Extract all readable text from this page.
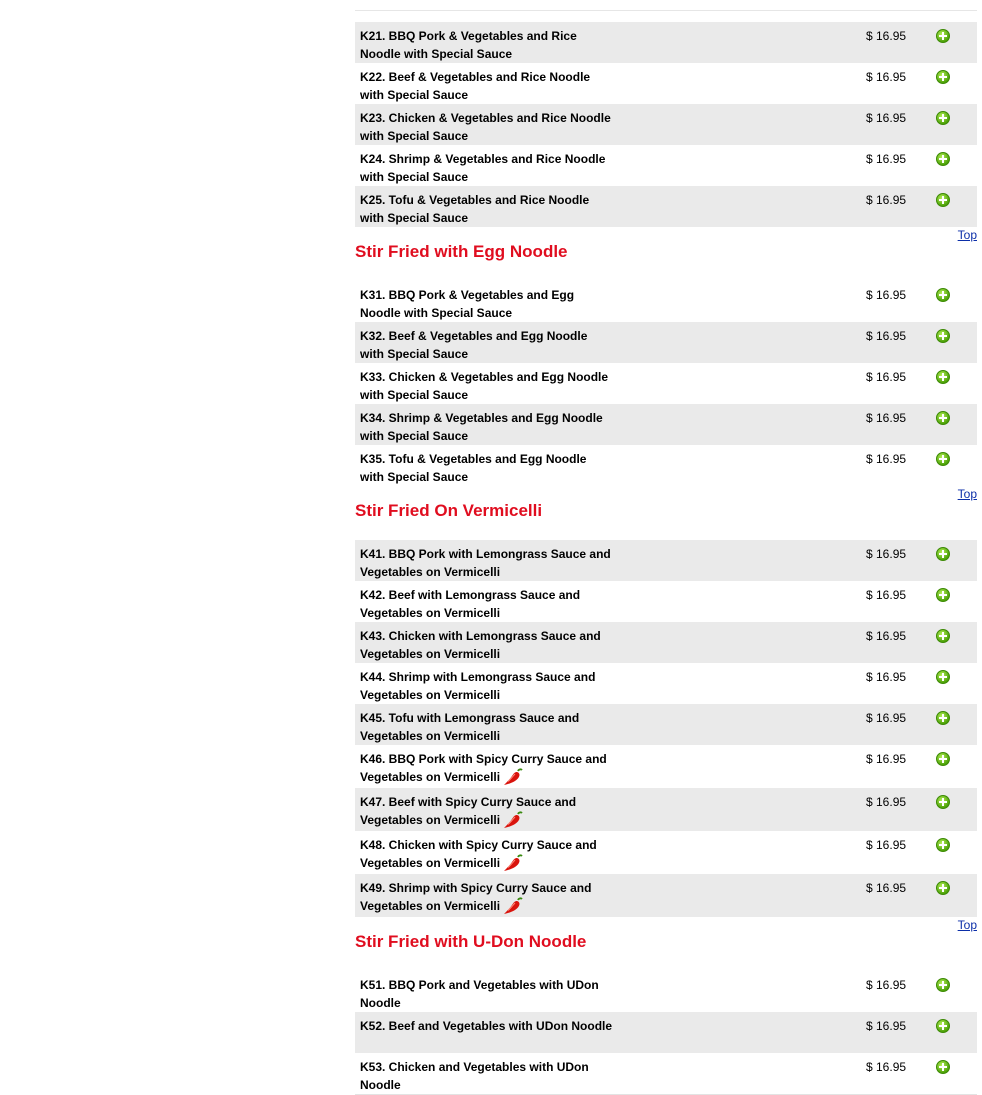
K21. BBQ Pork & Vegetables and Rice Noodle with Special Sauce
$ 16.95
K22. Beef & Vegetables and Rice Noodle with Special Sauce
$ 16.95
K23. Chicken & Vegetables and Rice Noodle with Special Sauce
$ 16.95
K24. Shrimp & Vegetables and Rice Noodle with Special Sauce
$ 16.95
K25. Tofu & Vegetables and Rice Noodle with Special Sauce
$ 16.95
Top
Stir Fried with Egg Noodle
K31. BBQ Pork & Vegetables and Egg Noodle with Special Sauce
$ 16.95
K32. Beef & Vegetables and Egg Noodle with Special Sauce
$ 16.95
K33. Chicken & Vegetables and Egg Noodle with Special Sauce
$ 16.95
K34. Shrimp & Vegetables and Egg Noodle with Special Sauce
$ 16.95
K35. Tofu & Vegetables and Egg Noodle with Special Sauce
$ 16.95
Top
Stir Fried On Vermicelli
K41. BBQ Pork with Lemongrass Sauce and Vegetables on Vermicelli
$ 16.95
K42. Beef with Lemongrass Sauce and Vegetables on Vermicelli
$ 16.95
K43. Chicken with Lemongrass Sauce and Vegetables on Vermicelli
$ 16.95
K44. Shrimp with Lemongrass Sauce and Vegetables on Vermicelli
$ 16.95
K45. Tofu with Lemongrass Sauce and Vegetables on Vermicelli
$ 16.95
K46. BBQ Pork with Spicy Curry Sauce and Vegetables on Vermicelli
$ 16.95
K47. Beef with Spicy Curry Sauce and Vegetables on Vermicelli
$ 16.95
K48. Chicken with Spicy Curry Sauce and Vegetables on Vermicelli
$ 16.95
K49. Shrimp with Spicy Curry Sauce and Vegetables on Vermicelli
$ 16.95
Top
Stir Fried with U-Don Noodle
K51. BBQ Pork and Vegetables with UDon Noodle
$ 16.95
K52. Beef and Vegetables with UDon Noodle	$ 16.95
K53. Chicken and Vegetables with UDon Noodle
$ 16.95
